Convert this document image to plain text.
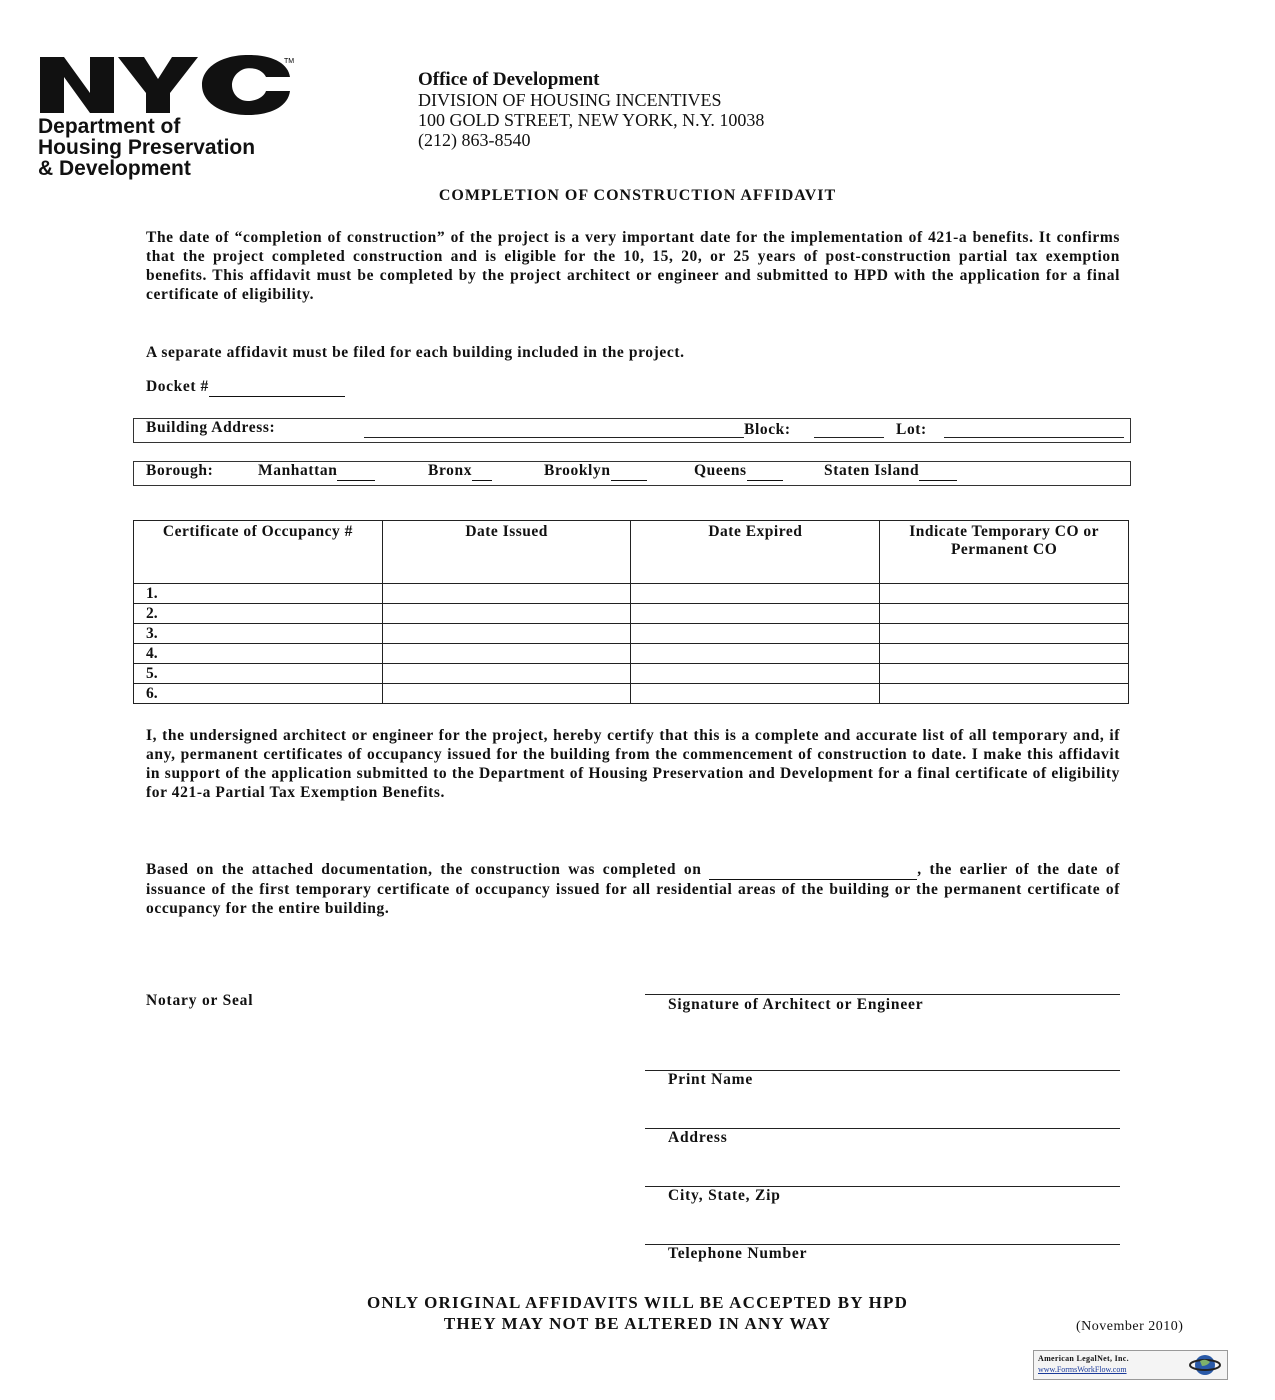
TM
Department of
Housing Preservation
& Development
Office of Development
DIVISION OF HOUSING INCENTIVES
100 GOLD STREET, NEW YORK, N.Y. 10038
(212) 863-8540
COMPLETION OF CONSTRUCTION AFFIDAVIT
The date of “completion of construction” of the project is a very important date for the implementation of 421-a benefits. It confirms that the project completed construction and is eligible for the 10, 15, 20, or 25 years of post-construction partial tax exemption benefits. This affidavit must be completed by the project architect or engineer and submitted to HPD with the application for a final certificate of eligibility.
A separate affidavit must be filed for each building included in the project.
Docket #
Building Address:	Block:	Lot:
Borough:	Manhattan	Bronx	Brooklyn	Queens	Staten Island
Certificate of Occupancy #	Date Issued	Date Expired	Indicate Temporary CO or Permanent CO
1.			
2.			
3.			
4.			
5.			
6.			
I, the undersigned architect or engineer for the project, hereby certify that this is a complete and accurate list of all temporary and, if any, permanent certificates of occupancy issued for the building from the commencement of construction to date. I make this affidavit in support of the application submitted to the Department of Housing Preservation and Development for a final certificate of eligibility for 421-a Partial Tax Exemption Benefits.
Based on the attached documentation, the construction was completed on	, the earlier of the date of issuance of the first temporary certificate of occupancy issued for all residential areas of the building or the permanent certificate of occupancy for the entire building.
Notary or Seal	Signature of Architect or Engineer
Print Name
Address
City, State, Zip
Telephone Number
ONLY ORIGINAL AFFIDAVITS WILL BE ACCEPTED BY HPD
THEY MAY NOT BE ALTERED IN ANY WAY	(November 2010)
American LegalNet, Inc.
www.FormsWorkFlow.com
